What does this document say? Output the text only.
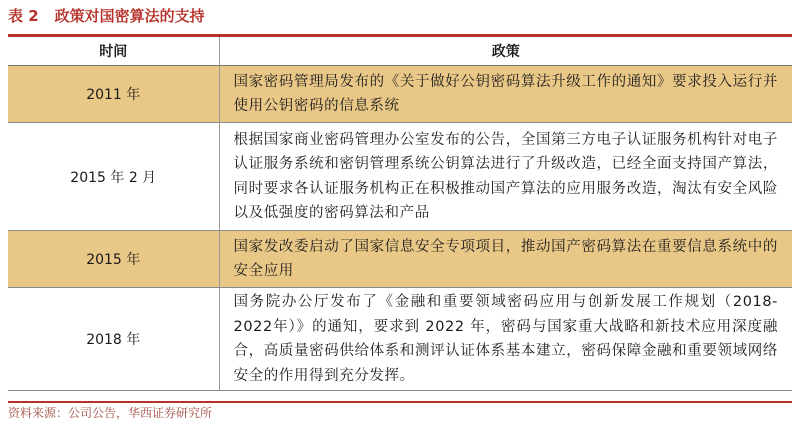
表 2 政策对国密算法的支持
时间	政策
2011 年	国家密码管理局发布的《关于做好公钥密码算法升级工作的通知》要求投入运行并使用公钥密码的信息系统
2015 年 2 月	根据国家商业密码管理办公室发布的公告，全国第三方电子认证服务机构针对电子认证服务系统和密钥管理系统公钥算法进行了升级改造，已经全面支持国产算法，同时要求各认证服务机构正在积极推动国产算法的应用服务改造，淘汰有安全风险以及低强度的密码算法和产品
2015 年	国家发改委启动了国家信息安全专项项目，推动国产密码算法在重要信息系统中的安全应用
2018 年	国务院办公厅发布了《金融和重要领域密码应用与创新发展工作规划（2018-2022年）》的通知，要求到 2022 年，密码与国家重大战略和新技术应用深度融合，高质量密码供给体系和测评认证体系基本建立，密码保障金融和重要领域网络安全的作用得到充分发挥。
资料来源：公司公告，华西证券研究所
